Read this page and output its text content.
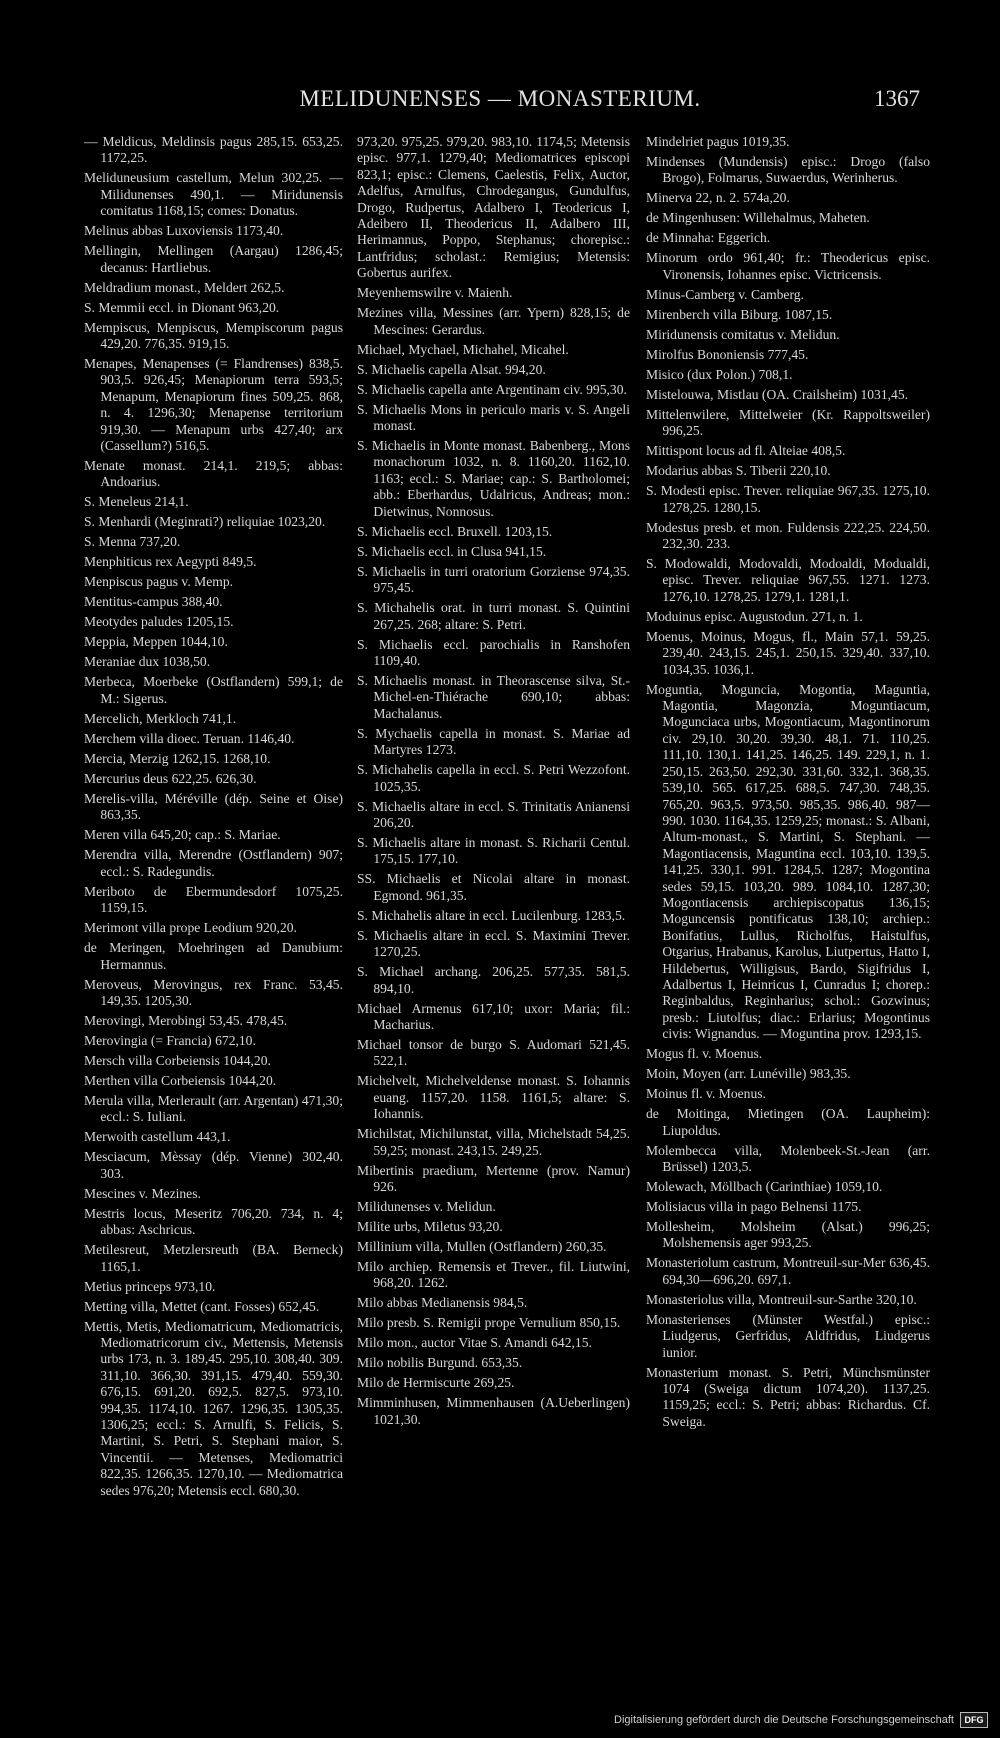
MELIDUNENSES — MONASTERIUM.	1367

— Meldicus, Meldinsis pagus 285,15. 653,25. 1172,25.

Meliduneusium castellum, Melun 302,25. — Milidunenses 490,1. — Miridunensis comitatus 1168,15; comes: Donatus.

Melinus abbas Luxoviensis 1173,40.

Mellingin, Mellingen (Aargau) 1286,45; decanus: Hartliebus.

Meldradium monast., Meldert 262,5.

S. Memmii eccl. in Dionant 963,20.

Mempiscus, Menpiscus, Mempiscorum pagus 429,20. 776,35. 919,15.

Menapes, Menapenses (= Flandrenses) 838,5. 903,5. 926,45; Menapiorum terra 593,5; Menapum, Menapiorum fines 509,25. 868, n. 4. 1296,30; Menapense territorium 919,30. — Menapum urbs 427,40; arx (Cassellum?) 516,5.

Menate monast. 214,1. 219,5; abbas: Andoarius.

S. Meneleus 214,1.

S. Menhardi (Meginrati?) reliquiae 1023,20.

S. Menna 737,20.

Menphiticus rex Aegypti 849,5.

Menpiscus pagus v. Memp.

Mentitus-campus 388,40.

Meotydes paludes 1205,15.

Meppia, Meppen 1044,10.

Meraniae dux 1038,50.

Merbeca, Moerbeke (Ostflandern) 599,1; de M.: Sigerus.

Mercelich, Merkloch 741,1.

Merchem villa dioec. Teruan. 1146,40.

Mercia, Merzig 1262,15. 1268,10.

Mercurius deus 622,25. 626,30.

Merelis-villa, Méréville (dép. Seine et Oise) 863,35.

Meren villa 645,20; cap.: S. Mariae.

Merendra villa, Merendre (Ostflandern) 907; eccl.: S. Radegundis.

Meriboto de Ebermundesdorf 1075,25. 1159,15.

Merimont villa prope Leodium 920,20.

de Meringen, Moehringen ad Danubium: Hermannus.

Meroveus, Merovingus, rex Franc. 53,45. 149,35. 1205,30.

Merovingi, Merobingi 53,45. 478,45.

Merovingia (= Francia) 672,10.

Mersch villa Corbeiensis 1044,20.

Merthen villa Corbeiensis 1044,20.

Merula villa, Merlerault (arr. Argentan) 471,30; eccl.: S. Iuliani.

Merwoith castellum 443,1.

Mesciacum, Mèssay (dép. Vienne) 302,40. 303.

Mescines v. Mezines.

Mestris locus, Meseritz 706,20. 734, n. 4; abbas: Aschricus.

Metilesreut, Metzlersreuth (BA. Berneck) 1165,1.

Metius princeps 973,10.

Metting villa, Mettet (cant. Fosses) 652,45.

Mettis, Metis, Mediomatricum, Mediomatricis, Mediomatricorum civ., Mettensis, Metensis urbs 173, n. 3. 189,45. 295,10. 308,40. 309. 311,10. 366,30. 391,15. 479,40. 559,30. 676,15. 691,20. 692,5. 827,5. 973,10. 994,35. 1174,10. 1267. 1296,35. 1305,35. 1306,25; eccl.: S. Arnulfi, S. Felicis, S. Martini, S. Petri, S. Stephani maior, S. Vincentii. — Metenses, Mediomatrici 822,35. 1266,35. 1270,10. — Mediomatrica sedes 976,20; Metensis eccl. 680,30.

973,20. 975,25. 979,20. 983,10. 1174,5; Metensis episc. 977,1. 1279,40; Mediomatrices episcopi 823,1; episc.: Clemens, Caelestis, Felix, Auctor, Adelfus, Arnulfus, Chrodegangus, Gundulfus, Drogo, Rudpertus, Adalbero I, Teodericus I, Adeibero II, Theodericus II, Adalbero III, Herimannus, Poppo, Stephanus; chorepisc.: Lantfridus; scholast.: Remigius; Metensis: Gobertus aurifex.

Meyenhemswilre v. Maienh.

Mezines villa, Messines (arr. Ypern) 828,15; de Mescines: Gerardus.

Michael, Mychael, Michahel, Micahel.

S. Michaelis capella Alsat. 994,20.

S. Michaelis capella ante Argentinam civ. 995,30.

S. Michaelis Mons in periculo maris v. S. Angeli monast.

S. Michaelis in Monte monast. Babenberg., Mons monachorum 1032, n. 8. 1160,20. 1162,10. 1163; eccl.: S. Mariae; cap.: S. Bartholomei; abb.: Eberhardus, Udalricus, Andreas; mon.: Dietwinus, Nonnosus.

S. Michaelis eccl. Bruxell. 1203,15.

S. Michaelis eccl. in Clusa 941,15.

S. Michaelis in turri oratorium Gorziense 974,35. 975,45.

S. Michahelis orat. in turri monast. S. Quintini 267,25. 268; altare: S. Petri.

S. Michaelis eccl. parochialis in Ranshofen 1109,40.

S. Michaelis monast. in Theorascense silva, St.-Michel-en-Thiérache 690,10; abbas: Machalanus.

S. Mychaelis capella in monast. S. Mariae ad Martyres 1273.

S. Michahelis capella in eccl. S. Petri Wezzofont. 1025,35.

S. Michaelis altare in eccl. S. Trinitatis Anianensi 206,20.

S. Michaelis altare in monast. S. Richarii Centul. 175,15. 177,10.

SS. Michaelis et Nicolai altare in monast. Egmond. 961,35.

S. Michahelis altare in eccl. Lucilenburg. 1283,5.

S. Michaelis altare in eccl. S. Maximini Trever. 1270,25.

S. Michael archang. 206,25. 577,35. 581,5. 894,10.

Michael Armenus 617,10; uxor: Maria; fil.: Macharius.

Michael tonsor de burgo S. Audomari 521,45. 522,1.

Michelvelt, Michelveldense monast. S. Iohannis euang. 1157,20. 1158. 1161,5; altare: S. Iohannis.

Michilstat, Michilunstat, villa, Michelstadt 54,25. 59,25; monast. 243,15. 249,25.

Mibertinis praedium, Mertenne (prov. Namur) 926.

Milidunenses v. Melidun.

Milite urbs, Miletus 93,20.

Millinium villa, Mullen (Ostflandern) 260,35.

Milo archiep. Remensis et Trever., fil. Liutwini, 968,20. 1262.

Milo abbas Medianensis 984,5.

Milo presb. S. Remigii prope Vernulium 850,15.

Milo mon., auctor Vitae S. Amandi 642,15.

Milo nobilis Burgund. 653,35.

Milo de Hermiscurte 269,25.

Mimminhusen, Mimmenhausen (A.Ueberlingen) 1021,30.

Mindelriet pagus 1019,35.

Mindenses (Mundensis) episc.: Drogo (falso Brogo), Folmarus, Suwaerdus, Werinherus.

Minerva 22, n. 2. 574a,20.

de Mingenhusen: Willehalmus, Maheten.

de Minnaha: Eggerich.

Minorum ordo 961,40; fr.: Theodericus episc. Vironensis, Iohannes episc. Victricensis.

Minus-Camberg v. Camberg.

Mirenberch villa Biburg. 1087,15.

Miridunensis comitatus v. Melidun.

Mirolfus Bononiensis 777,45.

Misico (dux Polon.) 708,1.

Mistelouwa, Mistlau (OA. Crailsheim) 1031,45.

Mittelenwilere, Mittelweier (Kr. Rappoltsweiler) 996,25.

Mittispont locus ad fl. Alteiae 408,5.

Modarius abbas S. Tiberii 220,10.

S. Modesti episc. Trever. reliquiae 967,35. 1275,10. 1278,25. 1280,15.

Modestus presb. et mon. Fuldensis 222,25. 224,50. 232,30. 233.

S. Modowaldi, Modovaldi, Modoaldi, Modualdi, episc. Trever. reliquiae 967,55. 1271. 1273. 1276,10. 1278,25. 1279,1. 1281,1.

Moduinus episc. Augustodun. 271, n. 1.

Moenus, Moinus, Mogus, fl., Main 57,1. 59,25. 239,40. 243,15. 245,1. 250,15. 329,40. 337,10. 1034,35. 1036,1.

Moguntia, Moguncia, Mogontia, Maguntia, Magontia, Magonzia, Moguntiacum, Mogunciaca urbs, Mogontiacum, Magontinorum civ. 29,10. 30,20. 39,30. 48,1. 71. 110,25. 111,10. 130,1. 141,25. 146,25. 149. 229,1, n. 1. 250,15. 263,50. 292,30. 331,60. 332,1. 368,35. 539,10. 565. 617,25. 688,5. 747,30. 748,35. 765,20. 963,5. 973,50. 985,35. 986,40. 987—990. 1030. 1164,35. 1259,25; monast.: S. Albani, Altum-monast., S. Martini, S. Stephani. — Magontiacensis, Maguntina eccl. 103,10. 139,5. 141,25. 330,1. 991. 1284,5. 1287; Mogontina sedes 59,15. 103,20. 989. 1084,10. 1287,30; Mogontiacensis archiepiscopatus 136,15; Moguncensis pontificatus 138,10; archiep.: Bonifatius, Lullus, Richolfus, Haistulfus, Otgarius, Hrabanus, Karolus, Liutpertus, Hatto I, Hildebertus, Willigisus, Bardo, Sigifridus I, Adalbertus I, Heinricus I, Cunradus I; chorep.: Reginbaldus, Reginharius; schol.: Gozwinus; presb.: Liutolfus; diac.: Erlarius; Mogontinus civis: Wignandus. — Moguntina prov. 1293,15.

Mogus fl. v. Moenus.

Moin, Moyen (arr. Lunéville) 983,35.

Moinus fl. v. Moenus.

de Moitinga, Mietingen (OA. Laupheim): Liupoldus.

Molembecca villa, Molenbeek-St.-Jean (arr. Brüssel) 1203,5.

Molewach, Möllbach (Carinthiae) 1059,10.

Molisiacus villa in pago Belnensi 1175.

Mollesheim, Molsheim (Alsat.) 996,25; Molshemensis ager 993,25.

Monasteriolum castrum, Montreuil-sur-Mer 636,45. 694,30—696,20. 697,1.

Monasteriolus villa, Montreuil-sur-Sarthe 320,10.

Monasterienses (Münster Westfal.) episc.: Liudgerus, Gerfridus, Aldfridus, Liudgerus iunior.

Monasterium monast. S. Petri, Münchsmünster 1074 (Sweiga dictum 1074,20). 1137,25. 1159,25; eccl.: S. Petri; abbas: Richardus. Cf. Sweiga.

Digitalisierung gefördert durch die Deutsche Forschungsgemeinschaft	DFG
